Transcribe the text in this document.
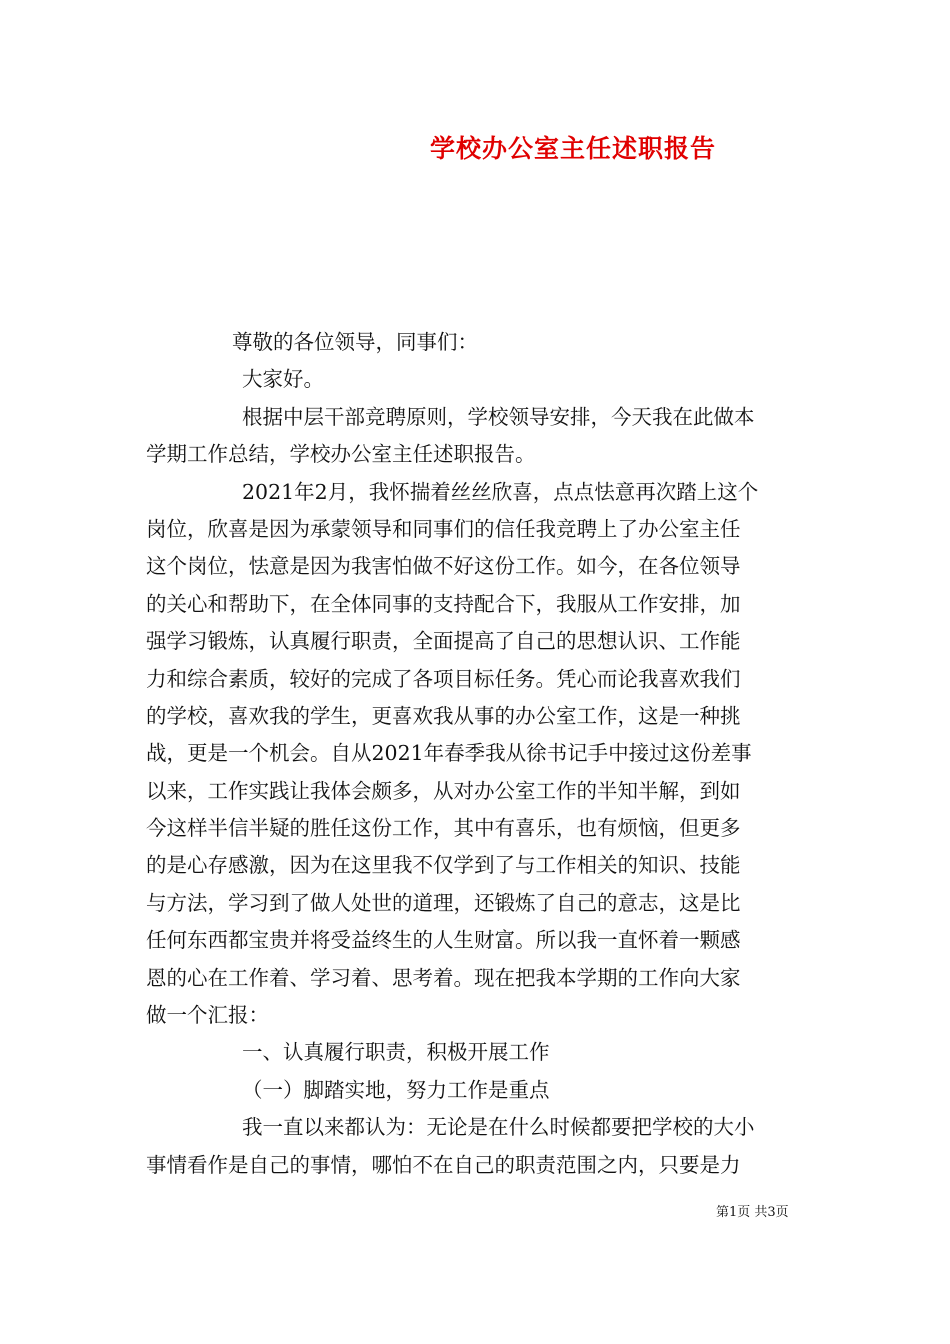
学校办公室主任述职报告
尊敬的各位领导，同事们：
大家好。
根据中层干部竞聘原则，学校领导安排，今天我在此做本
学期工作总结，学校办公室主任述职报告。
2021年2月，我怀揣着丝丝欣喜，点点怯意再次踏上这个
岗位，欣喜是因为承蒙领导和同事们的信任我竞聘上了办公室主任
这个岗位，怯意是因为我害怕做不好这份工作。如今，在各位领导
的关心和帮助下，在全体同事的支持配合下，我服从工作安排，加
强学习锻炼，认真履行职责，全面提高了自己的思想认识、工作能
力和综合素质，较好的完成了各项目标任务。凭心而论我喜欢我们
的学校，喜欢我的学生，更喜欢我从事的办公室工作，这是一种挑
战，更是一个机会。自从2021年春季我从徐书记手中接过这份差事
以来，工作实践让我体会颇多，从对办公室工作的半知半解，到如
今这样半信半疑的胜任这份工作，其中有喜乐，也有烦恼，但更多
的是心存感激，因为在这里我不仅学到了与工作相关的知识、技能
与方法，学习到了做人处世的道理，还锻炼了自己的意志，这是比
任何东西都宝贵并将受益终生的人生财富。所以我一直怀着一颗感
恩的心在工作着、学习着、思考着。现在把我本学期的工作向大家
做一个汇报：
一、认真履行职责，积极开展工作
（一）脚踏实地，努力工作是重点
我一直以来都认为：无论是在什么时候都要把学校的大小
事情看作是自己的事情，哪怕不在自己的职责范围之内，只要是力
第1页 共3页
